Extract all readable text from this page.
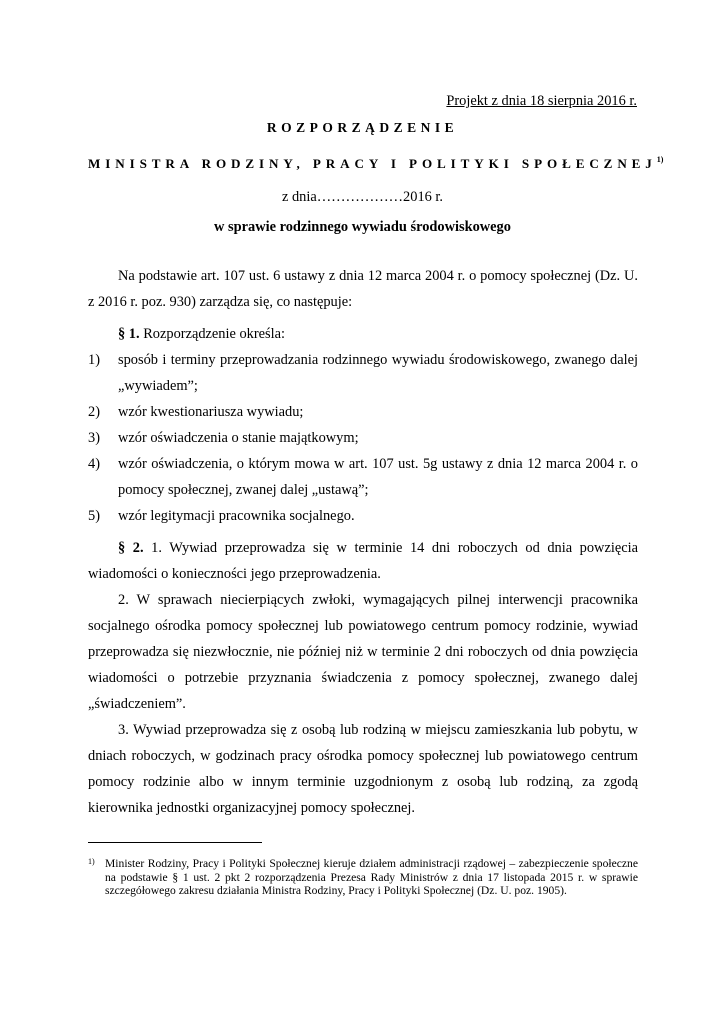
Projekt z dnia 18 sierpnia 2016 r.
ROZPORZĄDZENIE
MINISTRA RODZINY, PRACY I POLITYKI SPOŁECZNEJ$^{1)}$
z dnia………………2016 r.
w sprawie rodzinnego wywiadu środowiskowego

Na podstawie art. 107 ust. 6 ustawy z dnia 12 marca 2004 r. o pomocy społecznej (Dz. U. z 2016 r. poz. 930) zarządza się, co następuje:

§ 1. Rozporządzenie określa:

1)	sposób i terminy przeprowadzania rodzinnego wywiadu środowiskowego, zwanego dalej „wywiadem”;
2)	wzór kwestionariusza wywiadu;
3)	wzór oświadczenia o stanie majątkowym;
4)	wzór oświadczenia, o którym mowa w art. 107 ust. 5g ustawy z dnia 12 marca 2004 r. o pomocy społecznej, zwanej dalej „ustawą”;
5)	wzór legitymacji pracownika socjalnego.

§ 2. 1. Wywiad przeprowadza się w terminie 14 dni roboczych od dnia powzięcia wiadomości o konieczności jego przeprowadzenia.

2. W sprawach niecierpiących zwłoki, wymagających pilnej interwencji pracownika socjalnego ośrodka pomocy społecznej lub powiatowego centrum pomocy rodzinie, wywiad przeprowadza się niezwłocznie, nie później niż w terminie 2 dni roboczych od dnia powzięcia wiadomości o potrzebie przyznania świadczenia z pomocy społecznej, zwanego dalej „świadczeniem”.

3. Wywiad przeprowadza się z osobą lub rodziną w miejscu zamieszkania lub pobytu, w dniach roboczych, w godzinach pracy ośrodka pomocy społecznej lub powiatowego centrum pomocy rodzinie albo w innym terminie uzgodnionym z osobą lub rodziną, za zgodą kierownika jednostki organizacyjnej pomocy społecznej.

1) Minister Rodziny, Pracy i Polityki Społecznej kieruje działem administracji rządowej – zabezpieczenie społeczne na podstawie § 1 ust. 2 pkt 2 rozporządzenia Prezesa Rady Ministrów z dnia 17 listopada 2015 r. w sprawie szczegółowego zakresu działania Ministra Rodziny, Pracy i Polityki Społecznej (Dz. U. poz. 1905).
